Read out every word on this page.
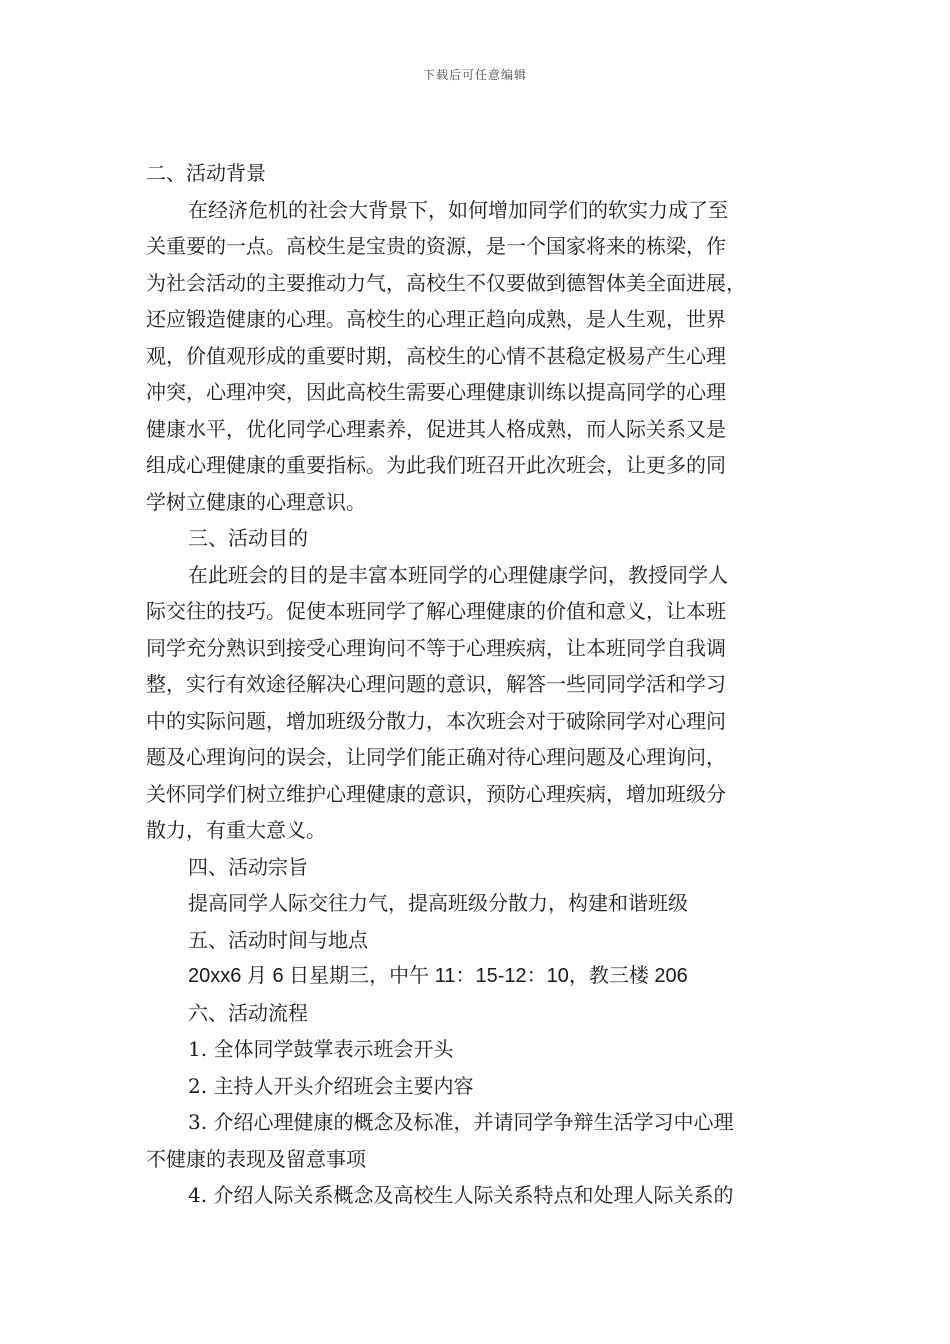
下载后可任意编辑
二、活动背景
在经济危机的社会大背景下，如何增加同学们的软实力成了至
关重要的一点。高校生是宝贵的资源，是一个国家将来的栋梁，作
为社会活动的主要推动力气，高校生不仅要做到德智体美全面进展，
还应锻造健康的心理。高校生的心理正趋向成熟，是人生观，世界
观，价值观形成的重要时期，高校生的心情不甚稳定极易产生心理
冲突，心理冲突，因此高校生需要心理健康训练以提高同学的心理
健康水平，优化同学心理素养，促进其人格成熟，而人际关系又是
组成心理健康的重要指标。为此我们班召开此次班会，让更多的同
学树立健康的心理意识。
三、活动目的
在此班会的目的是丰富本班同学的心理健康学问，教授同学人
际交往的技巧。促使本班同学了解心理健康的价值和意义，让本班
同学充分熟识到接受心理询问不等于心理疾病，让本班同学自我调
整，实行有效途径解决心理问题的意识，解答一些同同学活和学习
中的实际问题，增加班级分散力，本次班会对于破除同学对心理问
题及心理询问的误会，让同学们能正确对待心理问题及心理询问，
关怀同学们树立维护心理健康的意识，预防心理疾病，增加班级分
散力，有重大意义。
四、活动宗旨
提高同学人际交往力气，提高班级分散力，构建和谐班级
五、活动时间与地点
20xx6 月 6 日星期三，中午 11：15-12：10，教三楼 206
六、活动流程
1. 全体同学鼓掌表示班会开头
2. 主持人开头介绍班会主要内容
3. 介绍心理健康的概念及标准，并请同学争辩生活学习中心理
不健康的表现及留意事项
4. 介绍人际关系概念及高校生人际关系特点和处理人际关系的
